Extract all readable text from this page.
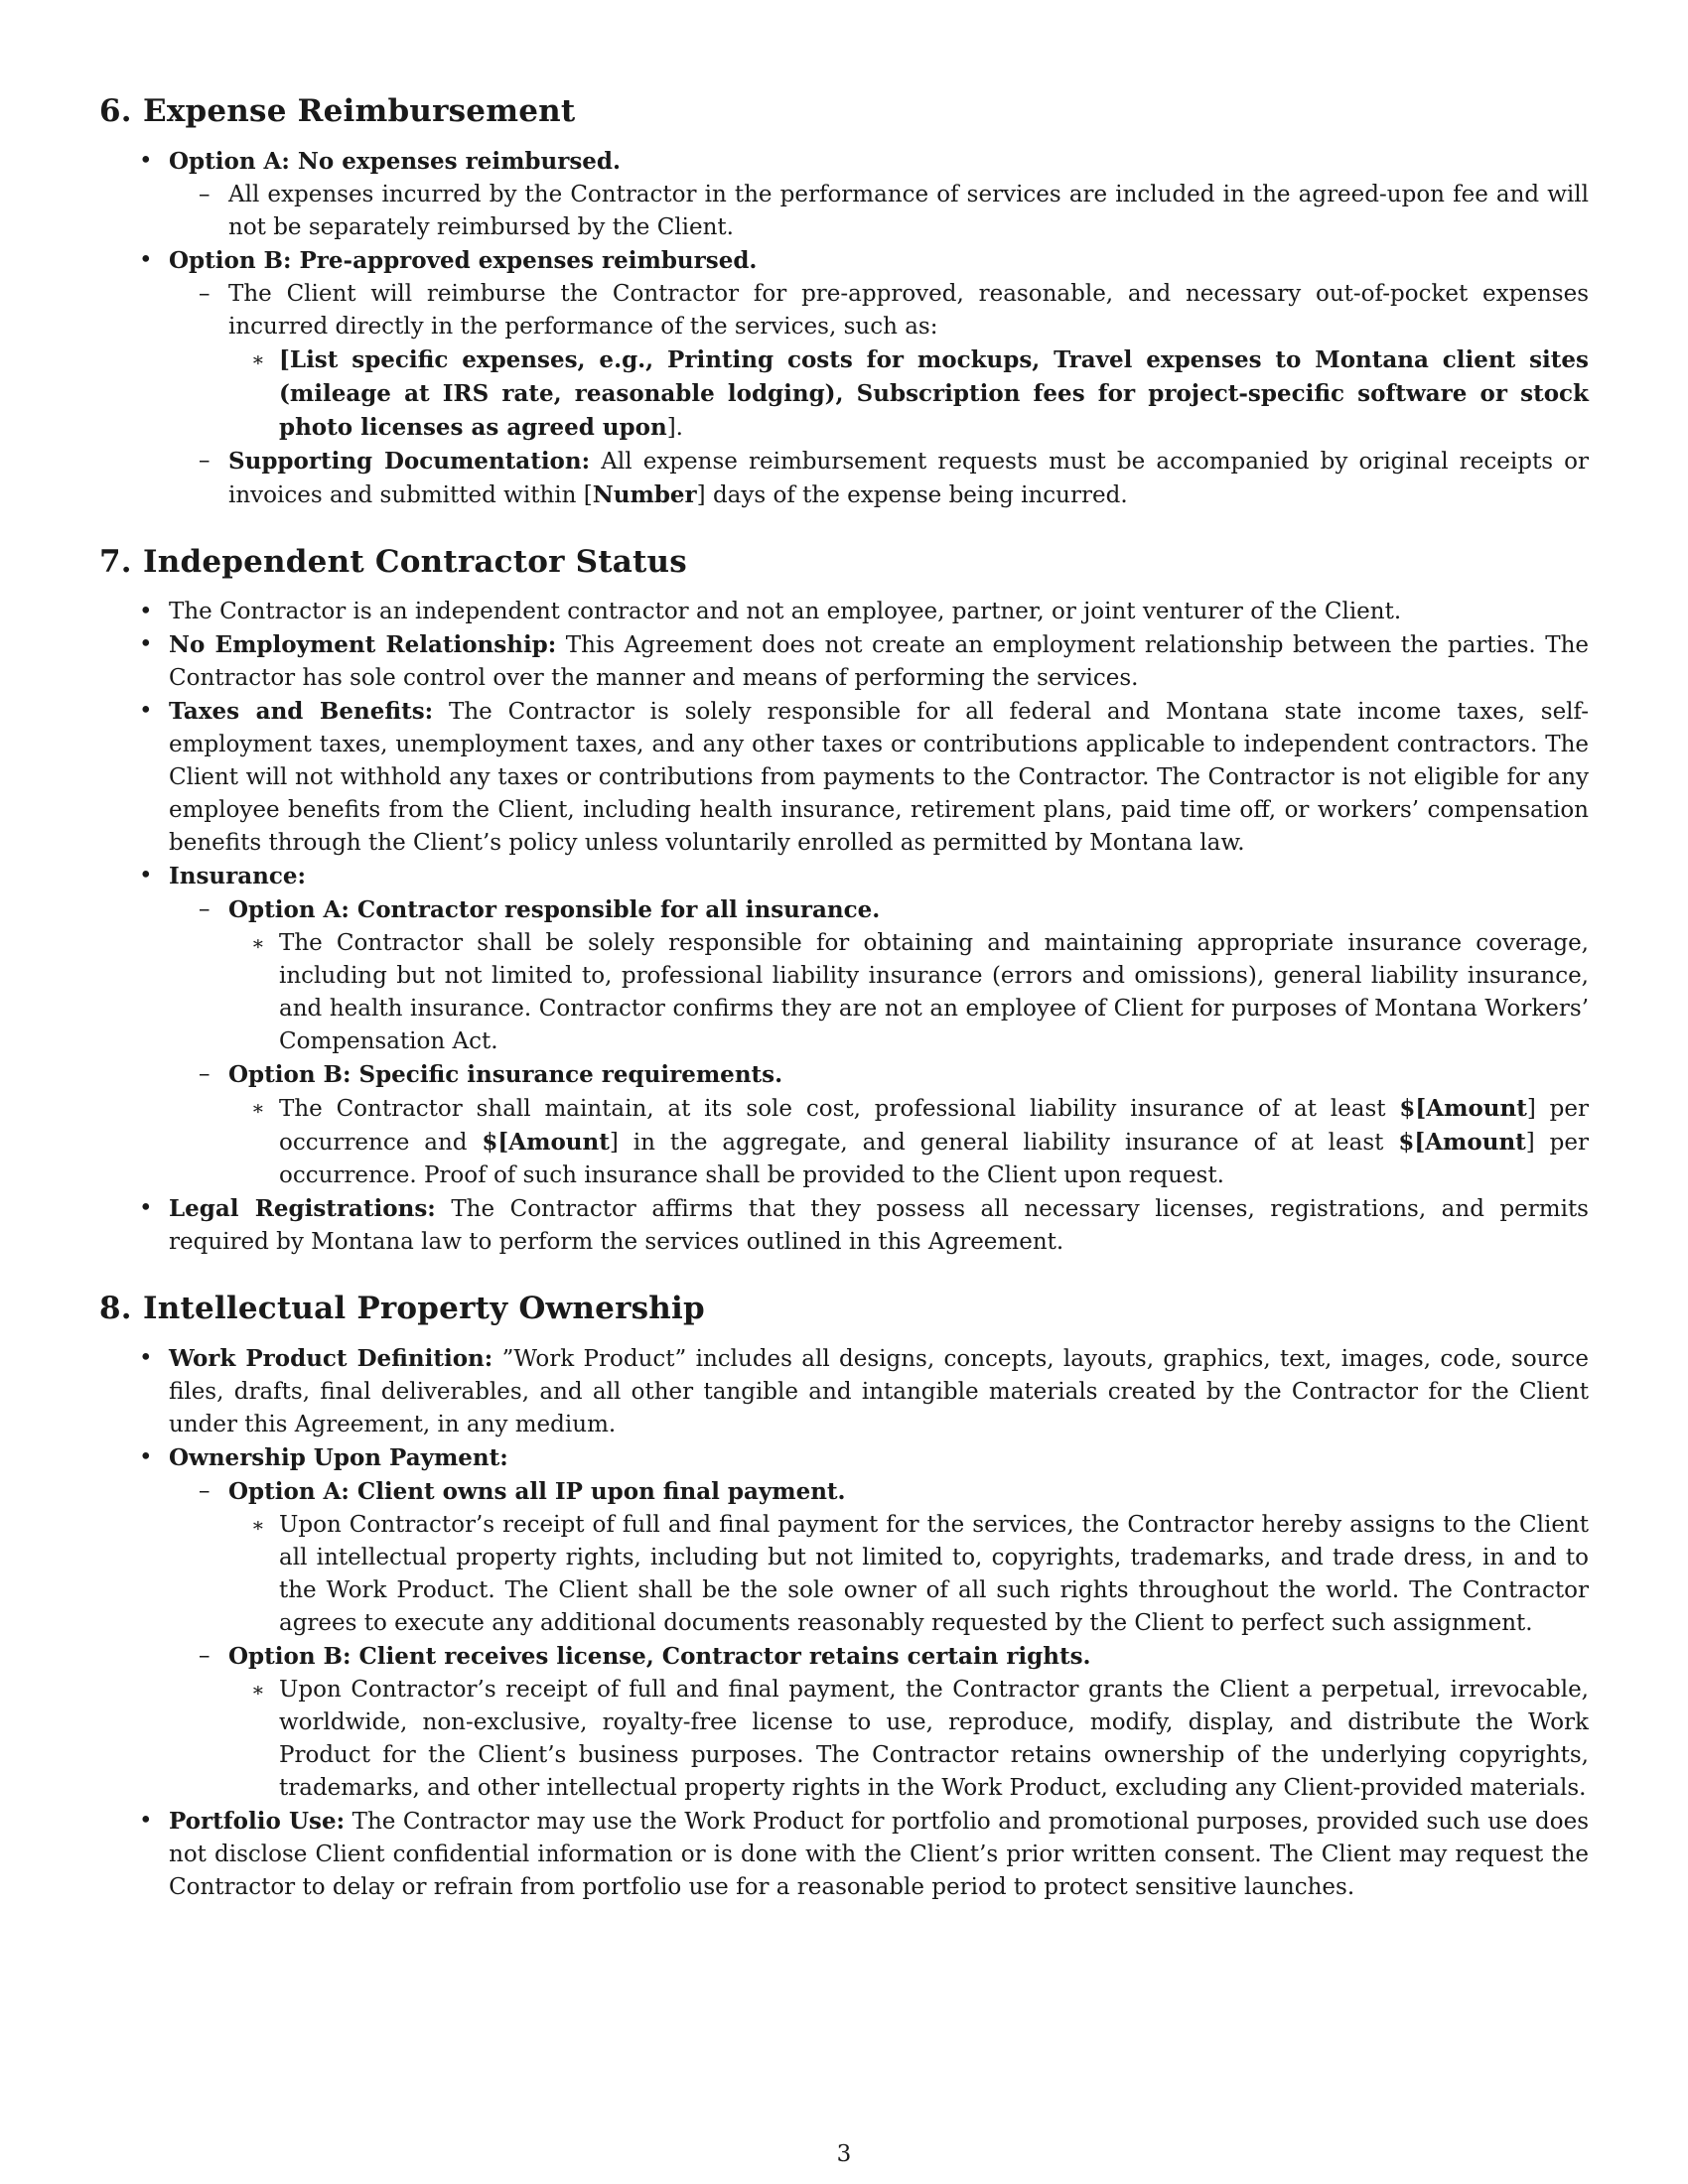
6. Expense Reimbursement
• Option A: No expenses reimbursed.
– All expenses incurred by the Contractor in the performance of services are included in the agreed-upon fee and will not be separately reimbursed by the Client.
• Option B: Pre-approved expenses reimbursed.
– The Client will reimburse the Contractor for pre-approved, reasonable, and necessary out-of-pocket expenses incurred directly in the performance of the services, such as:
∗ [List specific expenses, e.g., Printing costs for mockups, Travel expenses to Montana client sites (mileage at IRS rate, reasonable lodging), Subscription fees for project-specific software or stock photo licenses as agreed upon].
– Supporting Documentation: All expense reimbursement requests must be accompanied by original receipts or invoices and submitted within [Number] days of the expense being incurred.
7. Independent Contractor Status
• The Contractor is an independent contractor and not an employee, partner, or joint venturer of the Client.
• No Employment Relationship: This Agreement does not create an employment relationship between the parties. The Contractor has sole control over the manner and means of performing the services.
• Taxes and Benefits: The Contractor is solely responsible for all federal and Montana state income taxes, self-employment taxes, unemployment taxes, and any other taxes or contributions applicable to independent contractors. The Client will not withhold any taxes or contributions from payments to the Contractor. The Contractor is not eligible for any employee benefits from the Client, including health insurance, retirement plans, paid time off, or workers’ compensation benefits through the Client’s policy unless voluntarily enrolled as permitted by Montana law.
• Insurance:
– Option A: Contractor responsible for all insurance.
∗ The Contractor shall be solely responsible for obtaining and maintaining appropriate insurance coverage, including but not limited to, professional liability insurance (errors and omissions), general liability insurance, and health insurance. Contractor confirms they are not an employee of Client for purposes of Montana Workers’ Compensation Act.
– Option B: Specific insurance requirements.
∗ The Contractor shall maintain, at its sole cost, professional liability insurance of at least $[Amount] per occurrence and $[Amount] in the aggregate, and general liability insurance of at least $[Amount] per occurrence. Proof of such insurance shall be provided to the Client upon request.
• Legal Registrations: The Contractor affirms that they possess all necessary licenses, registrations, and permits required by Montana law to perform the services outlined in this Agreement.
8. Intellectual Property Ownership
• Work Product Definition: ”Work Product” includes all designs, concepts, layouts, graphics, text, images, code, source files, drafts, final deliverables, and all other tangible and intangible materials created by the Contractor for the Client under this Agreement, in any medium.
• Ownership Upon Payment:
– Option A: Client owns all IP upon final payment.
∗ Upon Contractor’s receipt of full and final payment for the services, the Contractor hereby assigns to the Client all intellectual property rights, including but not limited to, copyrights, trademarks, and trade dress, in and to the Work Product. The Client shall be the sole owner of all such rights throughout the world. The Contractor agrees to execute any additional documents reasonably requested by the Client to perfect such assignment.
– Option B: Client receives license, Contractor retains certain rights.
∗ Upon Contractor’s receipt of full and final payment, the Contractor grants the Client a perpetual, irrevocable, worldwide, non-exclusive, royalty-free license to use, reproduce, modify, display, and distribute the Work Product for the Client’s business purposes. The Contractor retains ownership of the underlying copyrights, trademarks, and other intellectual property rights in the Work Product, excluding any Client-provided materials.
• Portfolio Use: The Contractor may use the Work Product for portfolio and promotional purposes, provided such use does not disclose Client confidential information or is done with the Client’s prior written consent. The Client may request the Contractor to delay or refrain from portfolio use for a reasonable period to protect sensitive launches.
3
